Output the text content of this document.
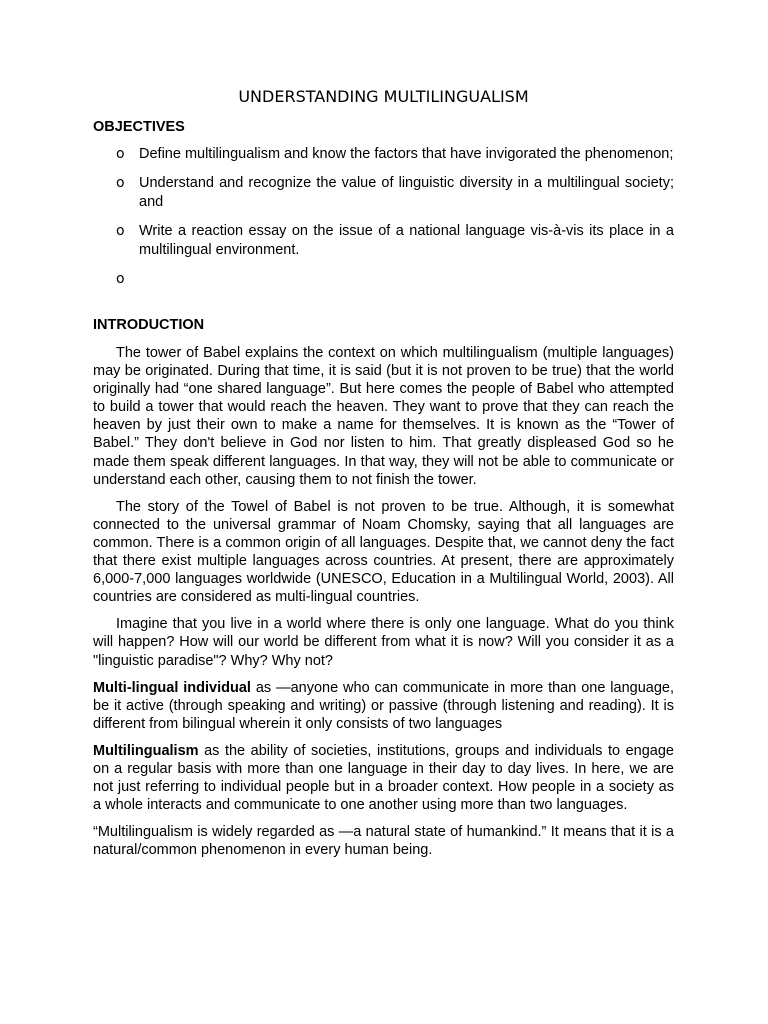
UNDERSTANDING MULTILINGUALISM
OBJECTIVES
o Define multilingualism and know the factors that have invigorated the phenomenon;
o Understand and recognize the value of linguistic diversity in a multilingual society; and
o Write a reaction essay on the issue of a national language vis-à-vis its place in a multilingual environment.
o
INTRODUCTION

The tower of Babel explains the context on which multilingualism (multiple languages) may be originated. During that time, it is said (but it is not proven to be true) that the world originally had “one shared language”. But here comes the people of Babel who attempted to build a tower that would reach the heaven. They want to prove that they can reach the heaven by just their own to make a name for themselves. It is known as the “Tower of Babel.” They don't believe in God nor listen to him. That greatly displeased God so he made them speak different languages. In that way, they will not be able to communicate or understand each other, causing them to not finish the tower.

The story of the Towel of Babel is not proven to be true. Although, it is somewhat connected to the universal grammar of Noam Chomsky, saying that all languages are common. There is a common origin of all languages. Despite that, we cannot deny the fact that there exist multiple languages across countries. At present, there are approximately 6,000-7,000 languages worldwide (UNESCO, Education in a Multilingual World, 2003). All countries are considered as multi-lingual countries.

Imagine that you live in a world where there is only one language. What do you think will happen? How will our world be different from what it is now? Will you consider it as a "linguistic paradise"? Why? Why not?

Multi-lingual individual as —anyone who can communicate in more than one language, be it active (through speaking and writing) or passive (through listening and reading). It is different from bilingual wherein it only consists of two languages

Multilingualism as the ability of societies, institutions, groups and individuals to engage on a regular basis with more than one language in their day to day lives. In here, we are not just referring to individual people but in a broader context. How people in a society as a whole interacts and communicate to one another using more than two languages.

“Multilingualism is widely regarded as —a natural state of humankind.” It means that it is a natural/common phenomenon in every human being.
